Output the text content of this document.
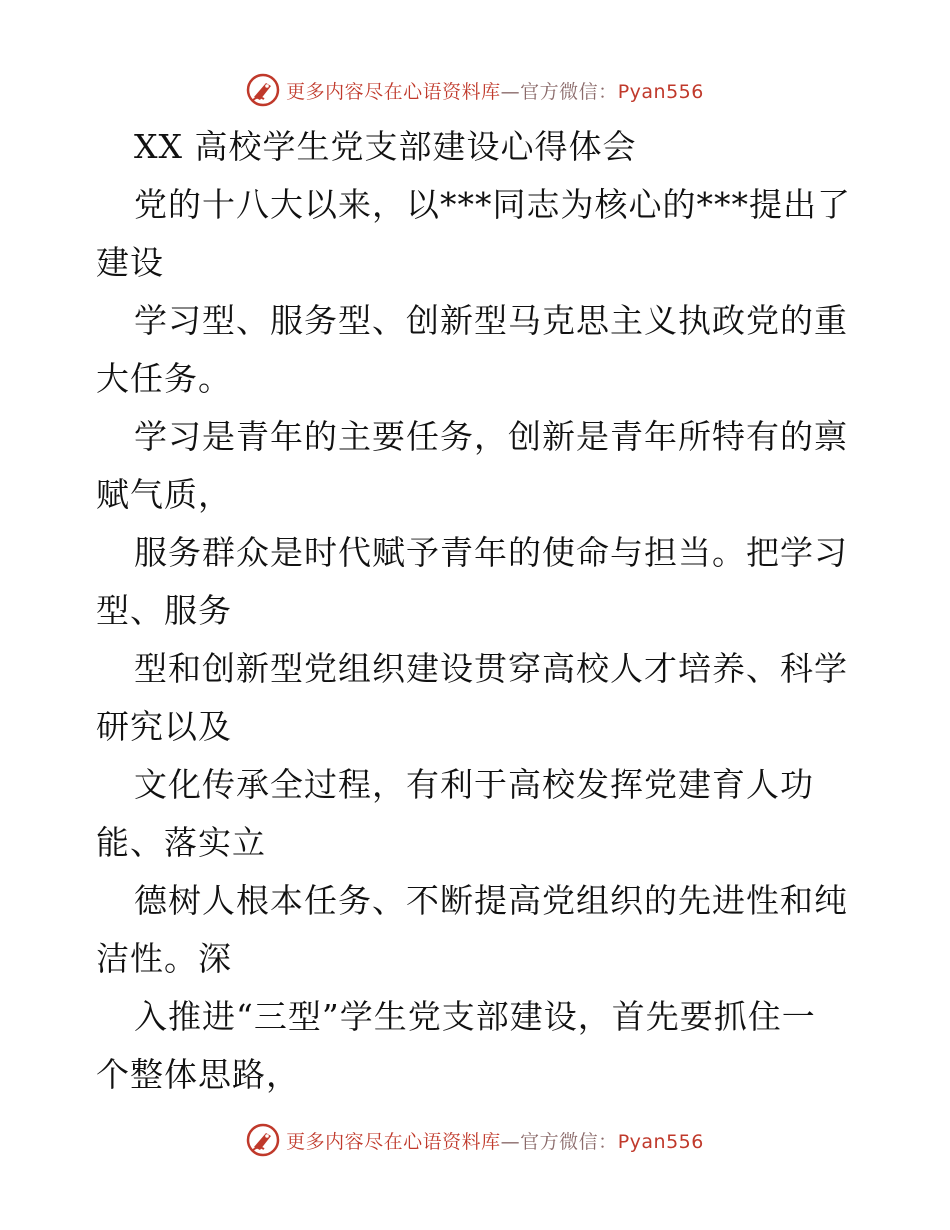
更多内容尽在心语资料库—官方微信：Pyan556
XX 高校学生党支部建设心得体会
党的十八大以来，以***同志为核心的***提出了
建设
学习型、服务型、创新型马克思主义执政党的重
大任务。
学习是青年的主要任务，创新是青年所特有的禀
赋气质，
服务群众是时代赋予青年的使命与担当。把学习
型、服务
型和创新型党组织建设贯穿高校人才培养、科学
研究以及
文化传承全过程，有利于高校发挥党建育人功
能、落实立
德树人根本任务、不断提高党组织的先进性和纯
洁性。深
入推进“三型”学生党支部建设，首先要抓住一
个整体思路，
更多内容尽在心语资料库—官方微信：Pyan556
